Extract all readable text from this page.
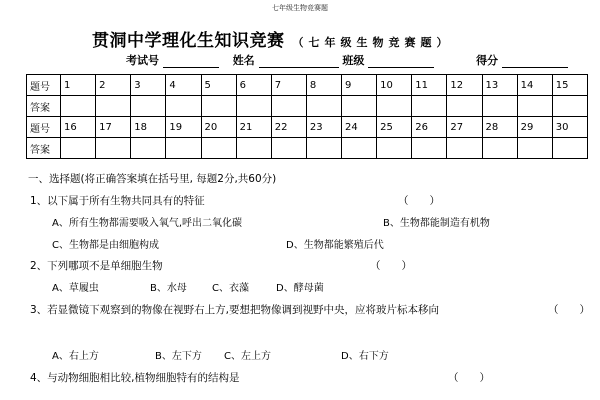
七年级生物竞赛题
贯洞中学理化生知识竞赛 （七年级生物竞赛题）
考试号	姓名	班级	得分
题号	1	2	3	4	5	6	7	8	9	10	11	12	13	14	15
答案															
题号	16	17	18	19	20	21	22	23	24	25	26	27	28	29	30
答案															
一、选择题(将正确答案填在括号里, 每题2分,共60分)
1、以下属于所有生物共同具有的特征	（　　）
A、所有生物都需要吸入氧气,呼出二氧化碳	B、生物都能制造有机物
C、生物都是由细胞构成	D、生物都能繁殖后代
2、下列哪项不是单细胞生物	（　　）
A、草履虫	B、水母	C、衣藻	D、酵母菌
3、若显微镜下观察到的物像在视野右上方,要想把物像调到视野中央，应将玻片标本移向	（　　）
A、右上方	B、左下方 C、左上方	D、右下方
4、与动物细胞相比较,植物细胞特有的结构是	（　　）
